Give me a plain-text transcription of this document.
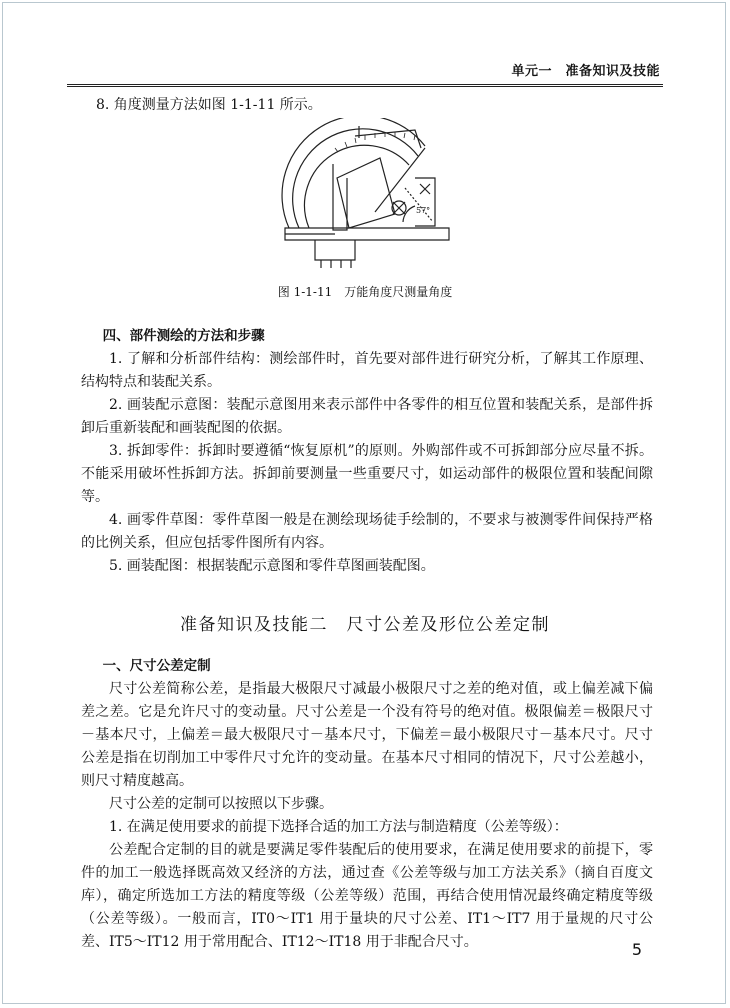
单元一　准备知识及技能
8. 角度测量方法如图 1-1-11 所示。
57°
图 1-1-11　万能角度尺测量角度

四、部件测绘的方法和步骤

1. 了解和分析部件结构：测绘部件时，首先要对部件进行研究分析，了解其工作原理、结构特点和装配关系。

2. 画装配示意图：装配示意图用来表示部件中各零件的相互位置和装配关系，是部件拆卸后重新装配和画装配图的依据。

3. 拆卸零件：拆卸时要遵循“恢复原机”的原则。外购部件或不可拆卸部分应尽量不拆。不能采用破坏性拆卸方法。拆卸前要测量一些重要尺寸，如运动部件的极限位置和装配间隙等。

4. 画零件草图：零件草图一般是在测绘现场徒手绘制的，不要求与被测零件间保持严格的比例关系，但应包括零件图所有内容。

5. 画装配图：根据装配示意图和零件草图画装配图。

准备知识及技能二　尺寸公差及形位公差定制

一、尺寸公差定制

尺寸公差简称公差，是指最大极限尺寸减最小极限尺寸之差的绝对值，或上偏差减下偏差之差。它是允许尺寸的变动量。尺寸公差是一个没有符号的绝对值。极限偏差＝极限尺寸－基本尺寸，上偏差＝最大极限尺寸－基本尺寸，下偏差＝最小极限尺寸－基本尺寸。尺寸公差是指在切削加工中零件尺寸允许的变动量。在基本尺寸相同的情况下，尺寸公差越小，则尺寸精度越高。

尺寸公差的定制可以按照以下步骤。

1. 在满足使用要求的前提下选择合适的加工方法与制造精度（公差等级）：

公差配合定制的目的就是要满足零件装配后的使用要求，在满足使用要求的前提下，零件的加工一般选择既高效又经济的方法，通过查《公差等级与加工方法关系》（摘自百度文库），确定所选加工方法的精度等级（公差等级）范围，再结合使用情况最终确定精度等级（公差等级）。一般而言，IT0～IT1 用于量块的尺寸公差、IT1～IT7 用于量规的尺寸公差、IT5～IT12 用于常用配合、IT12～IT18 用于非配合尺寸。	5
